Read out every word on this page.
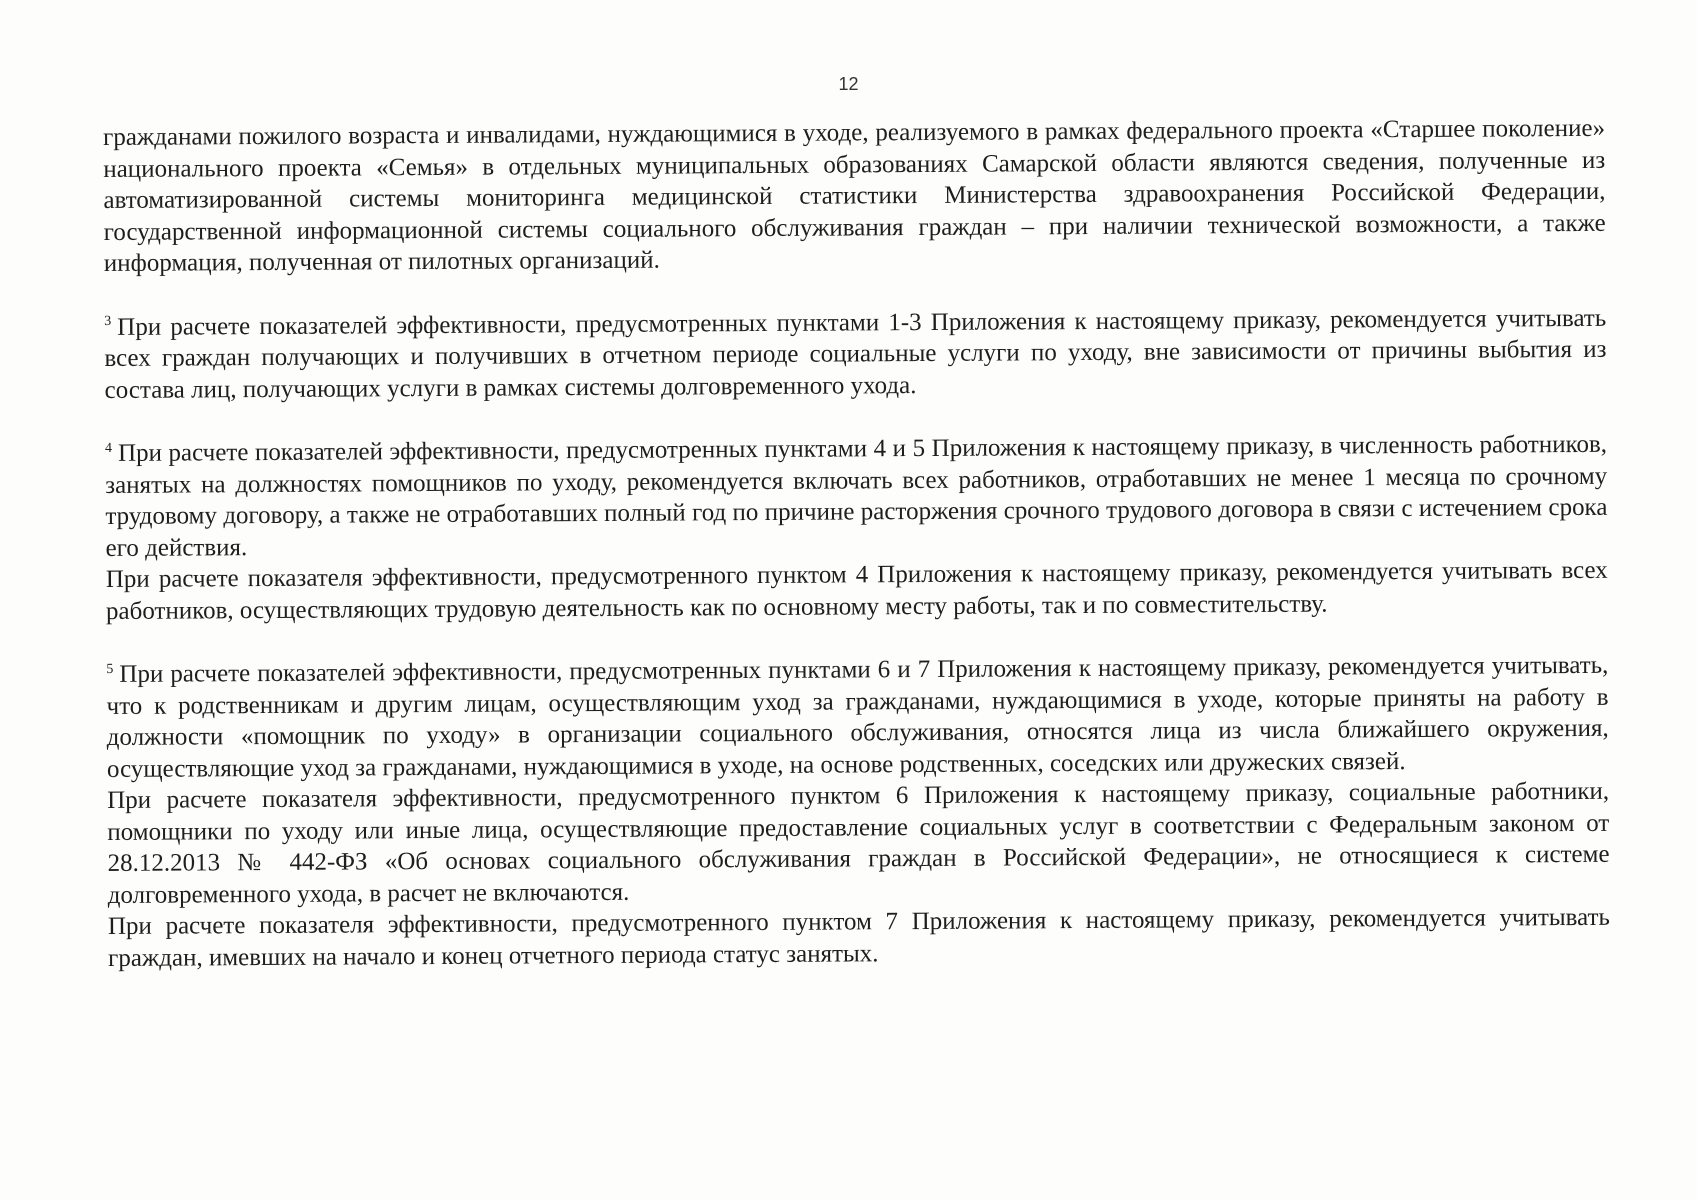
12

гражданами пожилого возраста и инвалидами, нуждающимися в уходе, реализуемого в рамках федерального проекта «Старшее поколение» национального проекта «Семья» в отдельных муниципальных образованиях Самарской области являются сведения, полученные из автоматизированной системы мониторинга медицинской статистики Министерства здравоохранения Российской Федерации, государственной информационной системы социального обслуживания граждан – при наличии технической возможности, а также информация, полученная от пилотных организаций.

$^3$ При расчете показателей эффективности, предусмотренных пунктами 1-3 Приложения к настоящему приказу, рекомендуется учитывать всех граждан получающих и получивших в отчетном периоде социальные услуги по уходу, вне зависимости от причины выбытия из состава лиц, получающих услуги в рамках системы долговременного ухода.

$^4$ При расчете показателей эффективности, предусмотренных пунктами 4 и 5 Приложения к настоящему приказу, в численность работников, занятых на должностях помощников по уходу, рекомендуется включать всех работников, отработавших не менее 1 месяца по срочному трудовому договору, а также не отработавших полный год по причине расторжения срочного трудового договора в связи с истечением срока его действия.

При расчете показателя эффективности, предусмотренного пунктом 4 Приложения к настоящему приказу, рекомендуется учитывать всех работников, осуществляющих трудовую деятельность как по основному месту работы, так и по совместительству.

$^5$ При расчете показателей эффективности, предусмотренных пунктами 6 и 7 Приложения к настоящему приказу, рекомендуется учитывать, что к родственникам и другим лицам, осуществляющим уход за гражданами, нуждающимися в уходе, которые приняты на работу в должности «помощник по уходу» в организации социального обслуживания, относятся лица из числа ближайшего окружения, осуществляющие уход за гражданами, нуждающимися в уходе, на основе родственных, соседских или дружеских связей.

При расчете показателя эффективности, предусмотренного пунктом 6 Приложения к настоящему приказу, социальные работники, помощники по уходу или иные лица, осуществляющие предоставление социальных услуг в соответствии с Федеральным законом от 28.12.2013 № 442-ФЗ «Об основах социального обслуживания граждан в Российской Федерации», не относящиеся к системе долговременного ухода, в расчет не включаются.

При расчете показателя эффективности, предусмотренного пунктом 7 Приложения к настоящему приказу, рекомендуется учитывать граждан, имевших на начало и конец отчетного периода статус занятых.
